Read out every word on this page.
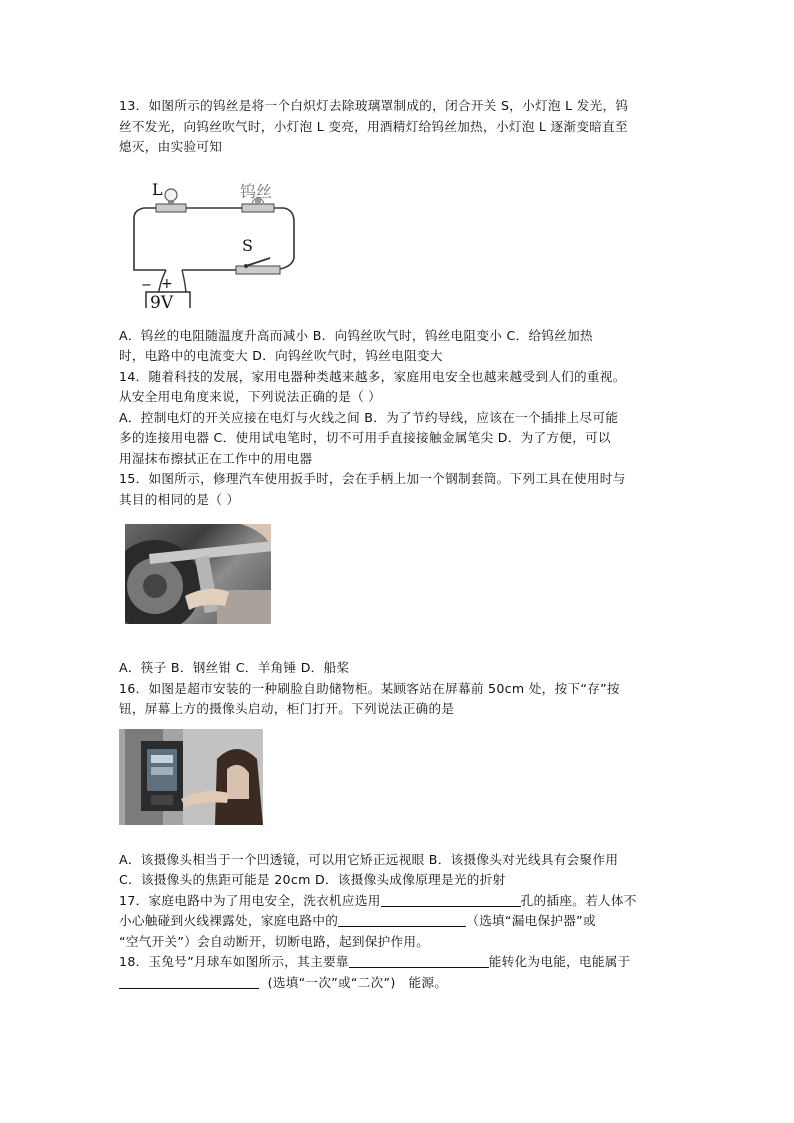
13．如图所示的钨丝是将一个白炽灯去除玻璃罩制成的，闭合开关 S，小灯泡 L 发光，钨

丝不发光，向钨丝吹气时，小灯泡 L 变亮，用酒精灯给钨丝加热，小灯泡 L 逐渐变暗直至

熄灭，由实验可知

L	钨丝
S
− +
9V

A．钨丝的电阻随温度升高而减小 B．向钨丝吹气时，钨丝电阻变小 C．给钨丝加热

时，电路中的电流变大 D．向钨丝吹气时，钨丝电阻变大

14．随着科技的发展，家用电器种类越来越多，家庭用电安全也越来越受到人们的重视。

从安全用电角度来说，下列说法正确的是（ ）

A．控制电灯的开关应接在电灯与火线之间 B．为了节约导线，应该在一个插排上尽可能

多的连接用电器 C．使用试电笔时，切不可用手直接接触金属笔尖 D．为了方便，可以

用湿抹布擦拭正在工作中的用电器

15．如图所示，修理汽车使用扳手时，会在手柄上加一个钢制套筒。下列工具在使用时与

其目的相同的是（ ）

A．筷子 B．钢丝钳 C．羊角锤 D．船桨

16．如图是超市安装的一种刷脸自助储物柜。某顾客站在屏幕前 50cm 处，按下“存”按

钮，屏幕上方的摄像头启动，柜门打开。下列说法正确的是

A．该摄像头相当于一个凹透镜，可以用它矫正远视眼 B．该摄像头对光线具有会聚作用

C．该摄像头的焦距可能是 20cm D．该摄像头成像原理是光的折射

17．家庭电路中为了用电安全，洗衣机应选用	孔的插座。若人体不

小心触碰到火线裸露处，家庭电路中的	（选填“漏电保护器”或

“空气开关”）会自动断开，切断电路，起到保护作用。

18．玉兔号”月球车如图所示，其主要靠	能转化为电能，电能属于

(选填“一次”或“二次”)   能源。
